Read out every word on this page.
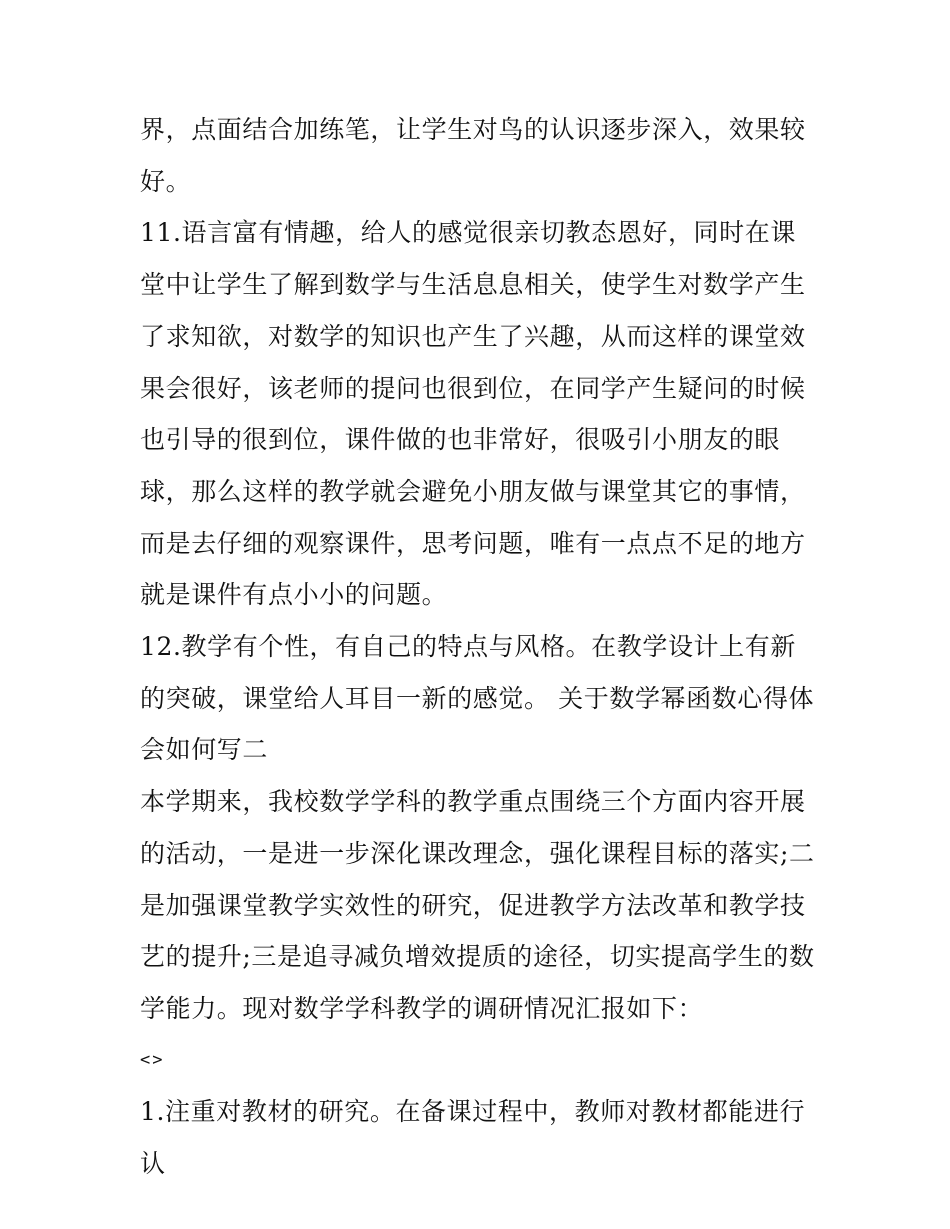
界，点面结合加练笔，让学生对鸟的认识逐步深入，效果较好。

11.语言富有情趣，给人的感觉很亲切教态恩好，同时在课堂中让学生了解到数学与生活息息相关，使学生对数学产生了求知欲，对数学的知识也产生了兴趣，从而这样的课堂效果会很好，该老师的提问也很到位，在同学产生疑问的时候也引导的很到位，课件做的也非常好，很吸引小朋友的眼球，那么这样的教学就会避免小朋友做与课堂其它的事情，而是去仔细的观察课件，思考问题，唯有一点点不足的地方就是课件有点小小的问题。

12.教学有个性，有自己的特点与风格。在教学设计上有新的突破，课堂给人耳目一新的感觉。 关于数学幂函数心得体会如何写二

本学期来，我校数学学科的教学重点围绕三个方面内容开展的活动，一是进一步深化课改理念，强化课程目标的落实;二是加强课堂教学实效性的研究，促进教学方法改革和教学技艺的提升;三是追寻减负增效提质的途径，切实提高学生的数学能力。现对数学学科教学的调研情况汇报如下：

<>

1.注重对教材的研究。在备课过程中，教师对教材都能进行认
